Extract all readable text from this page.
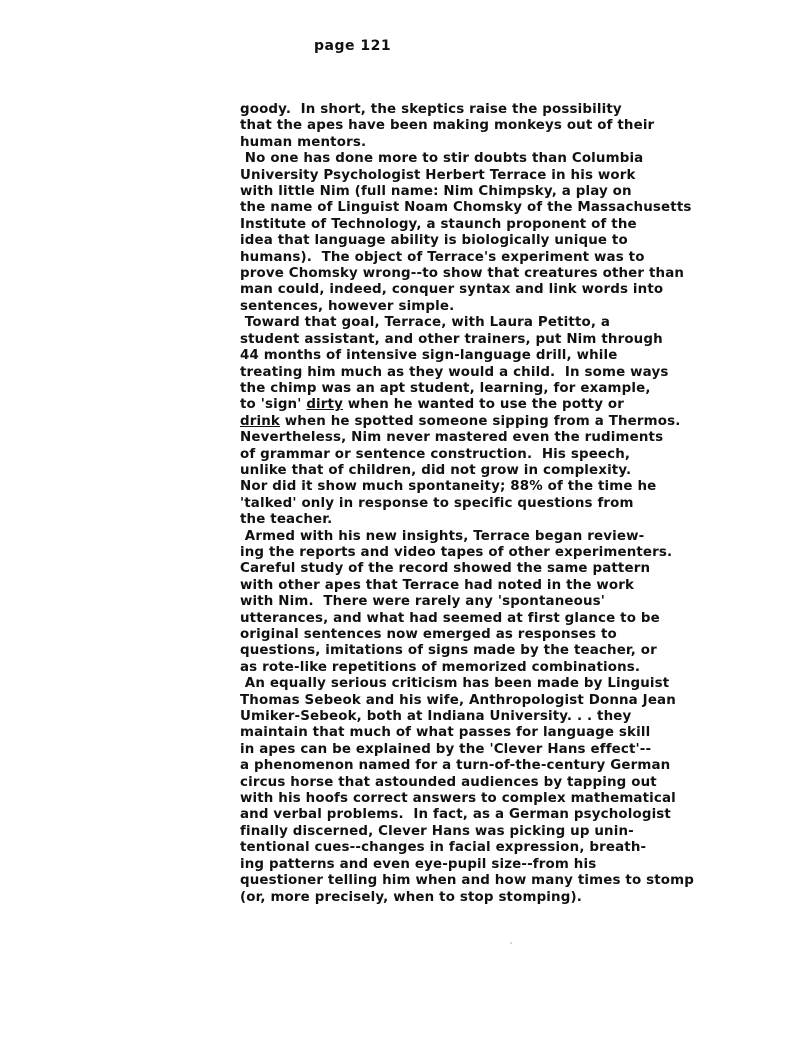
page 121
goody.  In short, the skeptics raise the possibility
that the apes have been making monkeys out of their
human mentors.
No one has done more to stir doubts than Columbia
University Psychologist Herbert Terrace in his work
with little Nim (full name: Nim Chimpsky, a play on
the name of Linguist Noam Chomsky of the Massachusetts
Institute of Technology, a staunch proponent of the
idea that language ability is biologically unique to
humans).  The object of Terrace's experiment was to
prove Chomsky wrong--to show that creatures other than
man could, indeed, conquer syntax and link words into
sentences, however simple.
Toward that goal, Terrace, with Laura Petitto, a
student assistant, and other trainers, put Nim through
44 months of intensive sign-language drill, while
treating him much as they would a child.  In some ways
the chimp was an apt student, learning, for example,
to 'sign' dirty when he wanted to use the potty or
drink when he spotted someone sipping from a Thermos.
Nevertheless, Nim never mastered even the rudiments
of grammar or sentence construction.  His speech,
unlike that of children, did not grow in complexity.
Nor did it show much spontaneity; 88% of the time he
'talked' only in response to specific questions from
the teacher.
Armed with his new insights, Terrace began review-
ing the reports and video tapes of other experimenters.
Careful study of the record showed the same pattern
with other apes that Terrace had noted in the work
with Nim.  There were rarely any 'spontaneous'
utterances, and what had seemed at first glance to be
original sentences now emerged as responses to
questions, imitations of signs made by the teacher, or
as rote-like repetitions of memorized combinations.
An equally serious criticism has been made by Linguist
Thomas Sebeok and his wife, Anthropologist Donna Jean
Umiker-Sebeok, both at Indiana University. . . they
maintain that much of what passes for language skill
in apes can be explained by the 'Clever Hans effect'--
a phenomenon named for a turn-of-the-century German
circus horse that astounded audiences by tapping out
with his hoofs correct answers to complex mathematical
and verbal problems.  In fact, as a German psychologist
finally discerned, Clever Hans was picking up unin-
tentional cues--changes in facial expression, breath-
ing patterns and even eye-pupil size--from his
questioner telling him when and how many times to stomp
(or, more precisely, when to stop stomping).
